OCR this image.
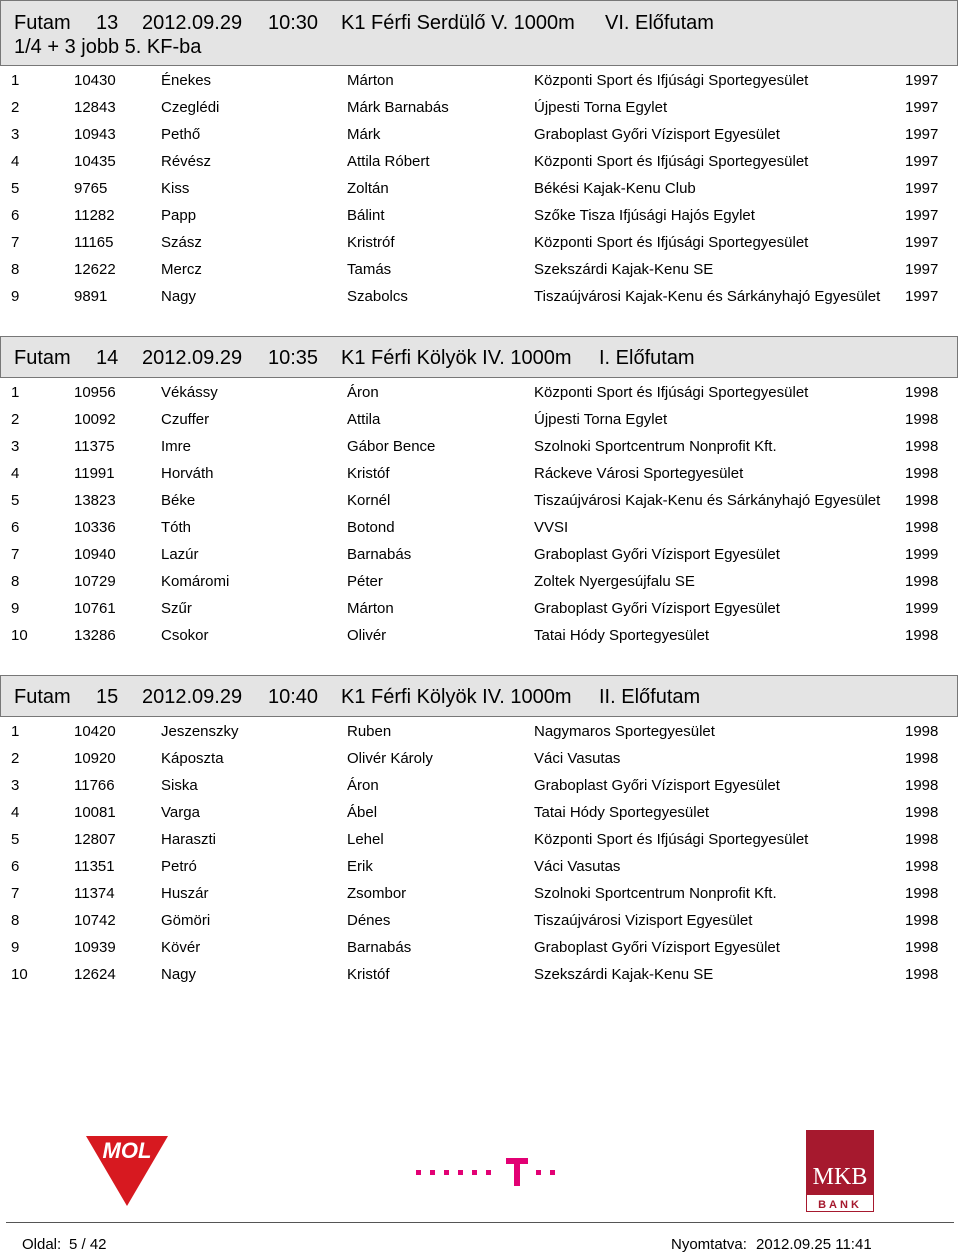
Futam 13 2012.09.29 10:30 K1 Férfi Serdülő V. 1000m VI. Előfutam
1/4 + 3 jobb 5. KF-ba
1	10430	Énekes	Márton	Központi Sport és Ifjúsági Sportegyesület	1997
2	12843	Czeglédi	Márk Barnabás	Újpesti Torna Egylet	1997
3	10943	Pethő	Márk	Graboplast Győri Vízisport Egyesület	1997
4	10435	Révész	Attila Róbert	Központi Sport és Ifjúsági Sportegyesület	1997
5	9765	Kiss	Zoltán	Békési Kajak-Kenu Club	1997
6	11282	Papp	Bálint	Szőke Tisza Ifjúsági Hajós Egylet	1997
7	11165	Szász	Kristróf	Központi Sport és Ifjúsági Sportegyesület	1997
8	12622	Mercz	Tamás	Szekszárdi Kajak-Kenu SE	1997
9	9891	Nagy	Szabolcs	Tiszaújvárosi Kajak-Kenu és Sárkányhajó Egyesület 1997
Futam 14 2012.09.29 10:35 K1 Férfi Kölyök IV. 1000m I. Előfutam
1	10956	Vékássy	Áron	Központi Sport és Ifjúsági Sportegyesület	1998
2	10092	Czuffer	Attila	Újpesti Torna Egylet	1998
3	11375	Imre	Gábor Bence	Szolnoki Sportcentrum Nonprofit Kft.	1998
4	11991	Horváth	Kristóf	Ráckeve Városi Sportegyesület	1998
5	13823	Béke	Kornél	Tiszaújvárosi Kajak-Kenu és Sárkányhajó Egyesület 1998
6	10336	Tóth	Botond	VVSI	1998
7	10940	Lazúr	Barnabás	Graboplast Győri Vízisport Egyesület	1999
8	10729	Komáromi	Péter	Zoltek Nyergesújfalu SE	1998
9	10761	Szűr	Márton	Graboplast Győri Vízisport Egyesület	1999
10	13286	Csokor	Olivér	Tatai Hódy Sportegyesület	1998
Futam 15 2012.09.29 10:40 K1 Férfi Kölyök IV. 1000m II. Előfutam
1	10420	Jeszenszky	Ruben	Nagymaros Sportegyesület	1998
2	10920	Káposzta	Olivér Károly	Váci Vasutas	1998
3	11766	Siska	Áron	Graboplast Győri Vízisport Egyesület	1998
4	10081	Varga	Ábel	Tatai Hódy Sportegyesület	1998
5	12807	Haraszti	Lehel	Központi Sport és Ifjúsági Sportegyesület	1998
6	11351	Petró	Erik	Váci Vasutas	1998
7	11374	Huszár	Zsombor	Szolnoki Sportcentrum Nonprofit Kft.	1998
8	10742	Gömöri	Dénes	Tiszaújvárosi Vizisport Egyesület	1998
9	10939	Kövér	Barnabás	Graboplast Győri Vízisport Egyesület	1998
10	12624	Nagy	Kristóf	Szekszárdi Kajak-Kenu SE	1998
MOL
MKB
BANK
Oldal: 5 / 42	Nyomtatva: 2012.09.25 11:41
